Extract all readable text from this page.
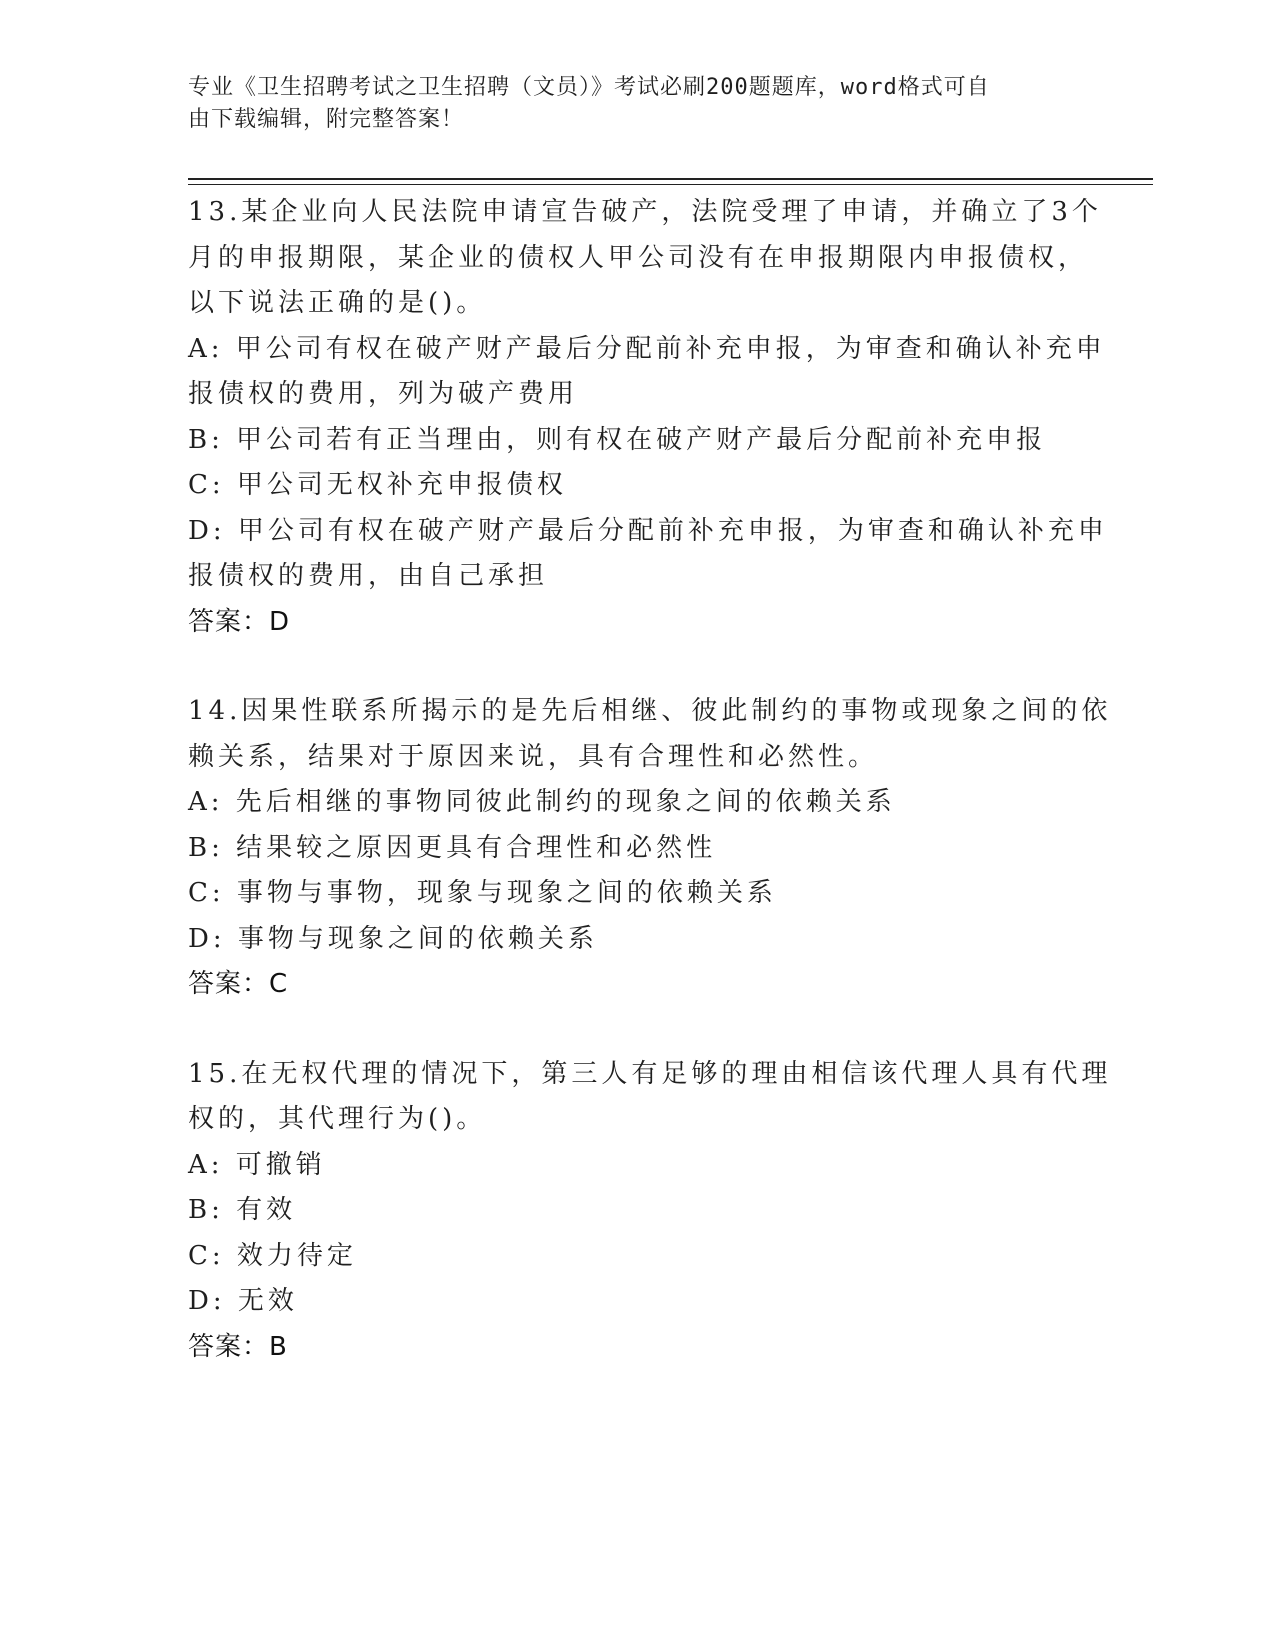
专业《卫生招聘考试之卫生招聘（文员）》考试必刷200题题库，word格式可自
由下载编辑，附完整答案！
13.某企业向人民法院申请宣告破产，法院受理了申请，并确立了3个
月的申报期限，某企业的债权人甲公司没有在申报期限内申报债权，
以下说法正确的是()。
A: 甲公司有权在破产财产最后分配前补充申报，为审查和确认补充申
报债权的费用，列为破产费用
B: 甲公司若有正当理由，则有权在破产财产最后分配前补充申报
C: 甲公司无权补充申报债权
D: 甲公司有权在破产财产最后分配前补充申报，为审查和确认补充申
报债权的费用，由自己承担
答案：D
14.因果性联系所揭示的是先后相继、彼此制约的事物或现象之间的依
赖关系，结果对于原因来说，具有合理性和必然性。
A: 先后相继的事物同彼此制约的现象之间的依赖关系
B: 结果较之原因更具有合理性和必然性
C: 事物与事物，现象与现象之间的依赖关系
D: 事物与现象之间的依赖关系
答案：C
15.在无权代理的情况下，第三人有足够的理由相信该代理人具有代理
权的，其代理行为()。
A: 可撤销
B: 有效
C: 效力待定
D: 无效
答案：B
